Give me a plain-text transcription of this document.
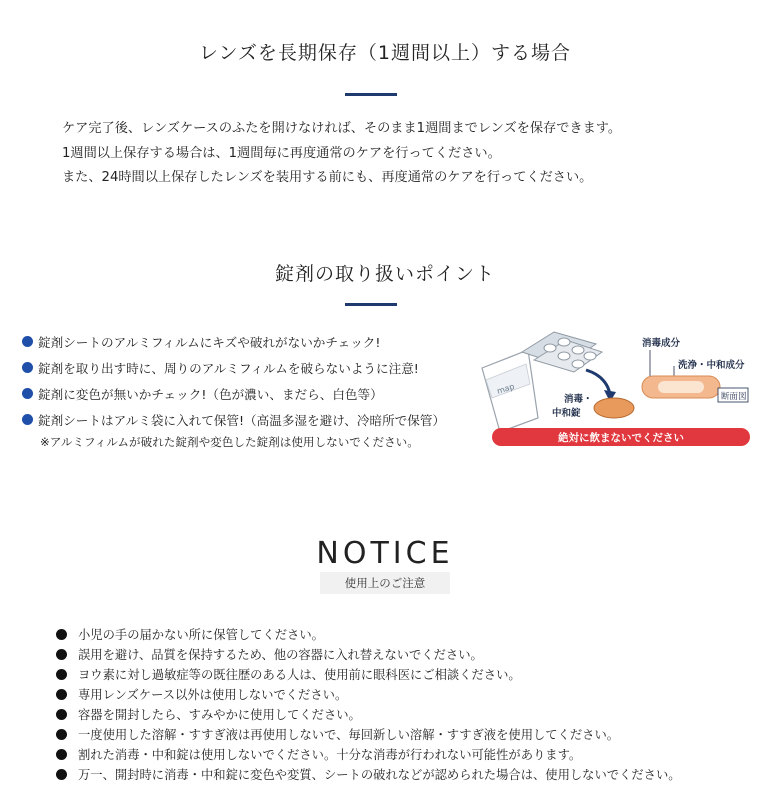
レンズを長期保存（1週間以上）する場合
ケア完了後、レンズケースのふたを開けなければ、そのまま1週間までレンズを保存できます。
1週間以上保存する場合は、1週間毎に再度通常のケアを行ってください。
また、24時間以上保存したレンズを装用する前にも、再度通常のケアを行ってください。
錠剤の取り扱いポイント
錠剤シートのアルミフィルムにキズや破れがないかチェック!
錠剤を取り出す時に、周りのアルミフィルムを破らないように注意!
錠剤に変色が無いかチェック!（色が濃い、まだら、白色等）
錠剤シートはアルミ袋に入れて保管!（高温多湿を避け、冷暗所で保管）
※アルミフィルムが破れた錠剤や変色した錠剤は使用しないでください。
map
消毒・
中和錠
消毒成分
洗浄・中和成分
断面図
絶対に飲まないでください
NOTICE
使用上のご注意
小児の手の届かない所に保管してください。
誤用を避け、品質を保持するため、他の容器に入れ替えないでください。
ヨウ素に対し過敏症等の既往歴のある人は、使用前に眼科医にご相談ください。
専用レンズケース以外は使用しないでください。
容器を開封したら、すみやかに使用してください。
一度使用した溶解・すすぎ液は再使用しないで、毎回新しい溶解・すすぎ液を使用してください。
割れた消毒・中和錠は使用しないでください。十分な消毒が行われない可能性があります。
万一、開封時に消毒・中和錠に変色や変質、シートの破れなどが認められた場合は、使用しないでください。
